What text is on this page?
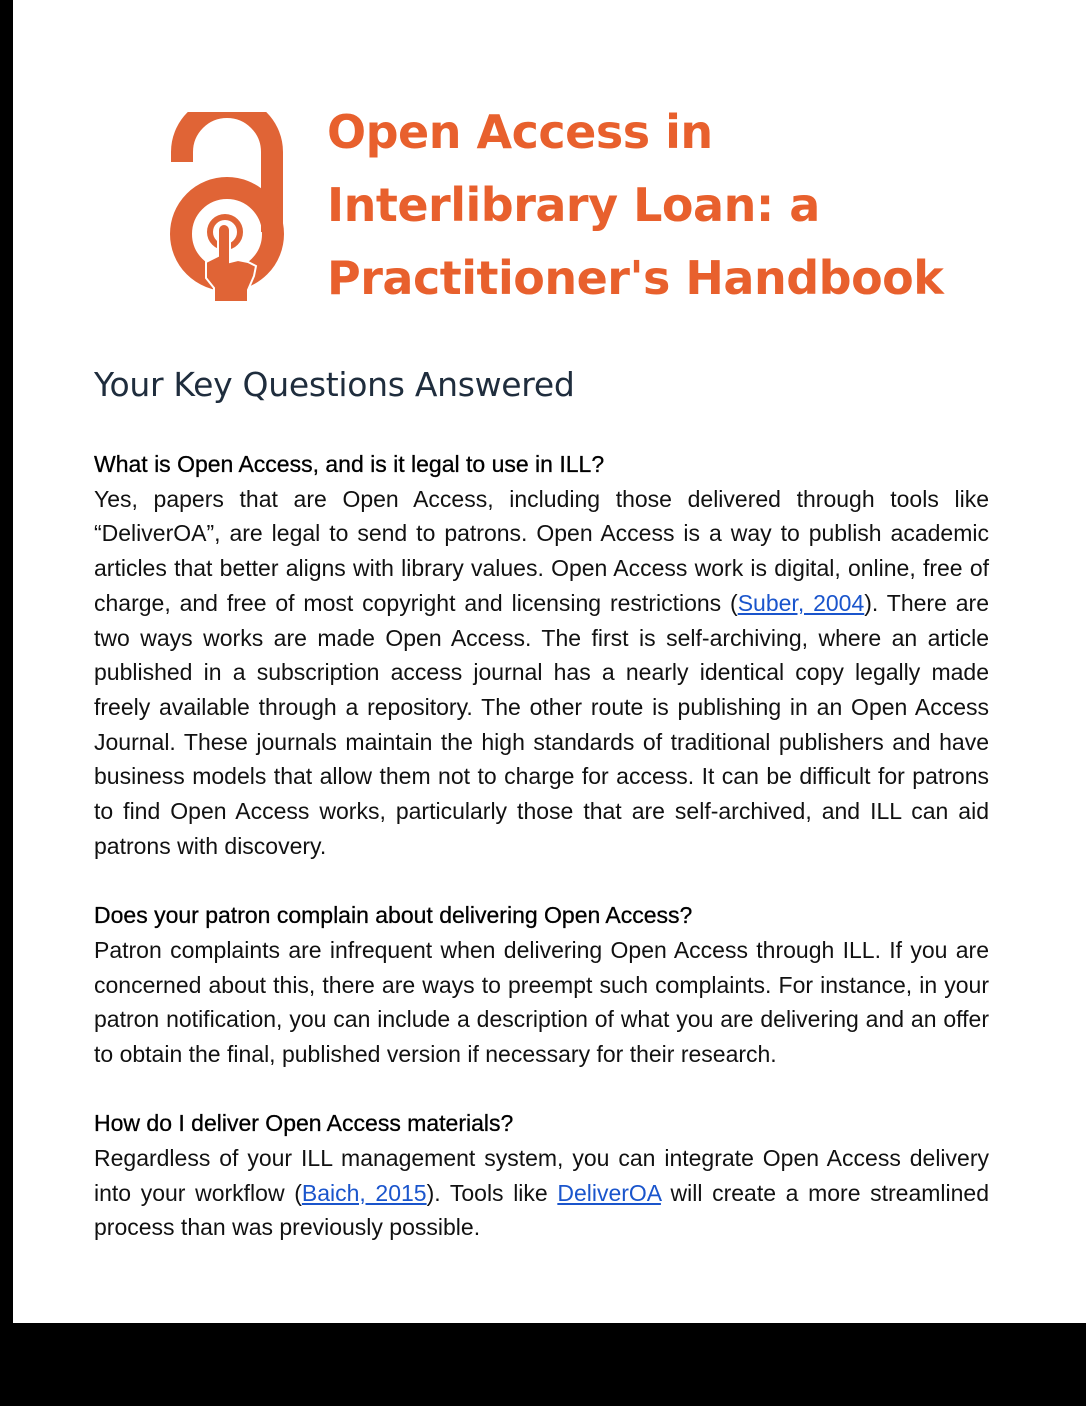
Open Access in
Interlibrary Loan: a
Practitioner's Handbook
Your Key Questions Answered

What is Open Access, and is it legal to use in ILL?

Yes, papers that are Open Access, including those delivered through tools like “DeliverOA”, are legal to send to patrons. Open Access is a way to publish academic articles that better aligns with library values. Open Access work is digital, online, free of charge, and free of most copyright and licensing restrictions (Suber, 2004). There are two ways works are made Open Access. The first is self-archiving, where an article published in a subscription access journal has a nearly identical copy legally made freely available through a repository. The other route is publishing in an Open Access Journal. These journals maintain the high standards of traditional publishers and have business models that allow them not to charge for access. It can be difficult for patrons to find Open Access works, particularly those that are self-archived, and ILL can aid patrons with discovery.

Does your patron complain about delivering Open Access?

Patron complaints are infrequent when delivering Open Access through ILL. If you are concerned about this, there are ways to preempt such complaints. For instance, in your patron notification, you can include a description of what you are delivering and an offer to obtain the final, published version if necessary for their research.

How do I deliver Open Access materials?

Regardless of your ILL management system, you can integrate Open Access delivery into your workflow (Baich, 2015). Tools like DeliverOA will create a more streamlined process than was previously possible.
